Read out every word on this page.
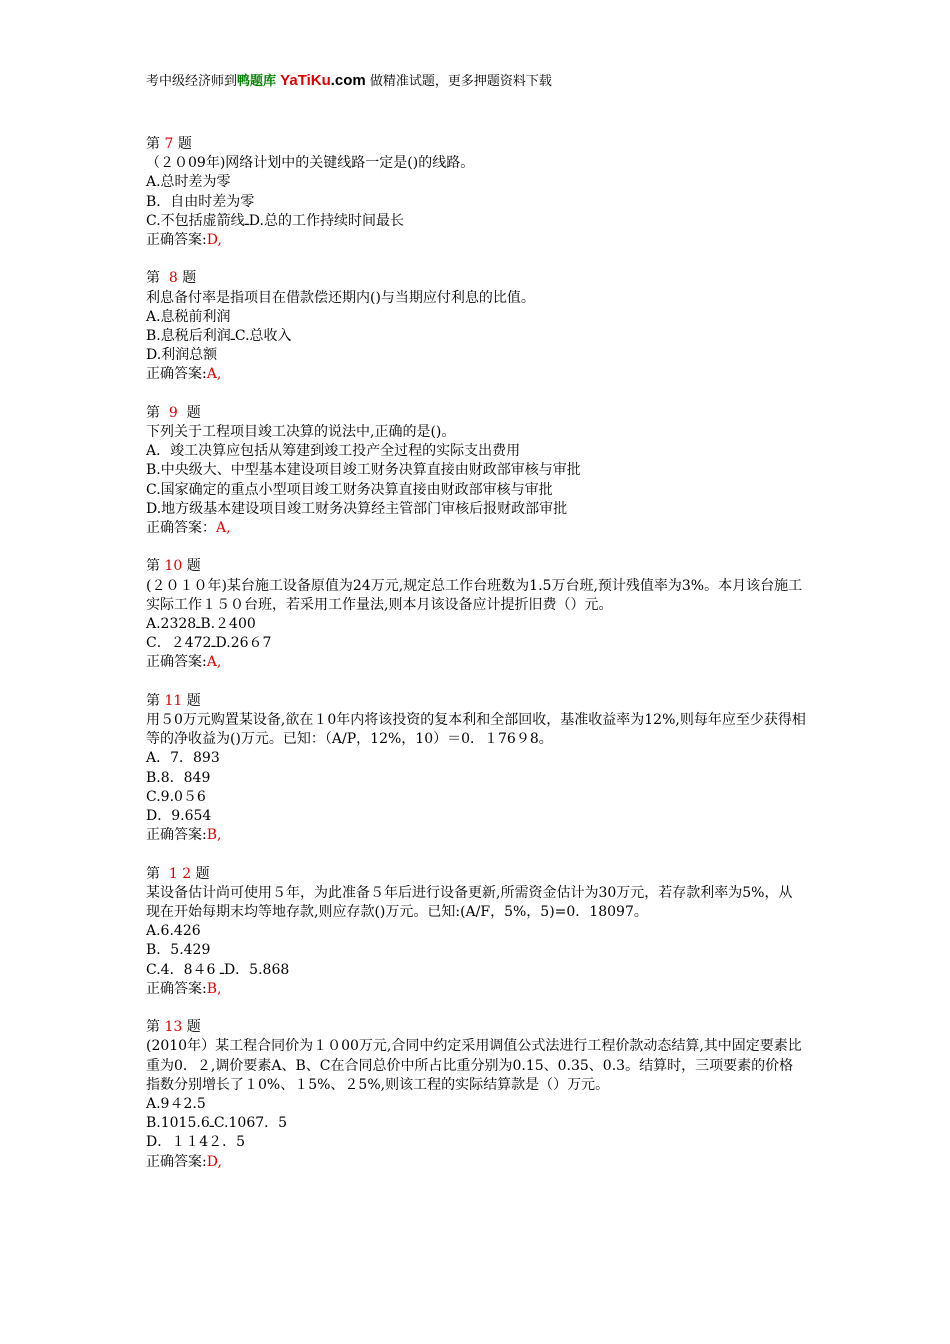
考中级经济师到鸭题库 YaTiKu.com 做精准试题，更多押题资料下载
第 7 题
（２０09年)网络计划中的关键线路一定是()的线路。
A.总时差为零
B．自由时差为零
C.不包括虚箭线ـD.总的工作持续时间最长
正确答案:D,
第  8 题
利息备付率是指项目在借款偿还期内()与当期应付利息的比值。
A.息税前利润
B.息税后利润ـC.总收入
D.利润总额
正确答案:A,
第  9  题
下列关于工程项目竣工决算的说法中,正确的是()。
A．竣工决算应包括从筹建到竣工投产全过程的实际支出费用
B.中央级大、中型基本建设项目竣工财务决算直接由财政部审核与审批
C.国家确定的重点小型项目竣工财务决算直接由财政部审核与审批
D.地方级基本建设项目竣工财务决算经主管部门审核后报财政部审批
正确答案：A,
第 10 题
(２０１０年)某台施工设备原值为24万元,规定总工作台班数为1.5万台班,预计残值率为3%。本月该台施工实际工作１５０台班，若采用工作量法,则本月该设备应计提折旧费（）元。
A.2328ـB.２400
C．２472ـD.26６7
正确答案:A,
第 11 题
用５0万元购置某设备,欲在１0年内将该投资的复本利和全部回收，基准收益率为12%,则每年应至少获得相等的净收益为()万元。已知：（A/P，12%，10）＝0．１76９8。
A．7．893
B.8．849
C.9.0５6
D．9.654
正确答案:B,
第  1 2 题
某设备估计尚可使用５年，为此准备５年后进行设备更新,所需资金估计为30万元，若存款利率为5%，从现在开始每期末均等地存款,则应存款()万元。已知:(A/F，5%，5)=0．18097。
A.6.426
B．5.429
C.4．8４6 ـD．5.868
正确答案:B,
第 13 题
(2010年）某工程合同价为１０00万元,合同中约定采用调值公式法进行工程价款动态结算,其中固定要素比重为0．２,调价要素A、B、C在合同总价中所占比重分别为0.15、0.35、0.3。结算时，三项要素的价格指数分别增长了１0%、１5%、２5%,则该工程的实际结算款是（）万元。
A.9４2.5
B.1015.6ـC.1067．5
D．１１4２．5
正确答案:D,
